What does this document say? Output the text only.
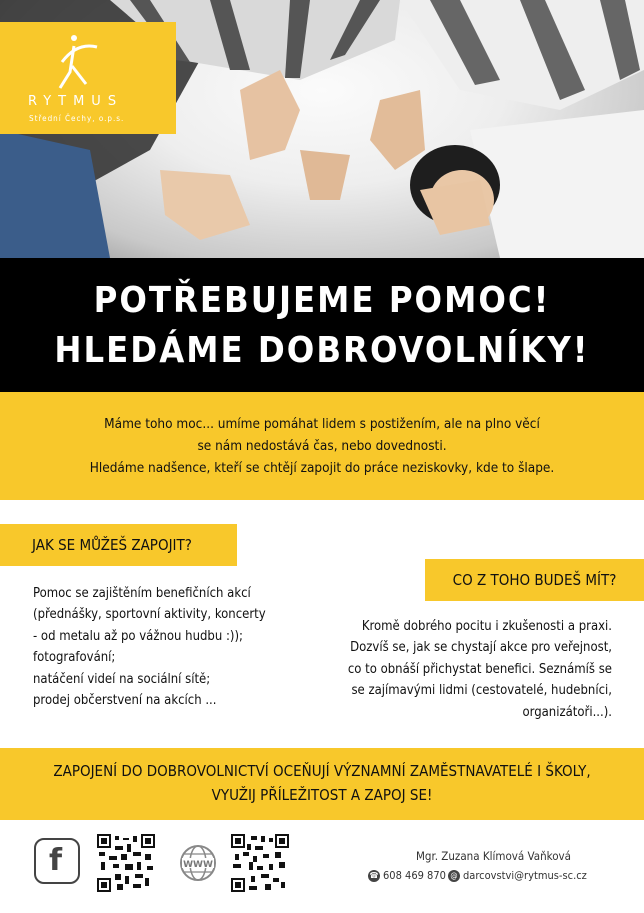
RYTMUS
Střední Čechy, o.p.s.
POTŘEBUJEME POMOC!
HLEDÁME DOBROVOLNÍKY!
Máme toho moc... umíme pomáhat lidem s postižením, ale na plno věcí
se nám nedostává čas, nebo dovednosti.
Hledáme nadšence, kteří se chtějí zapojit do práce neziskovky, kde to šlape.
JAK SE MŮŽEŠ ZAPOJIT?
Pomoc se zajištěním benefičních akcí
(přednášky, sportovní aktivity, koncerty
- od metalu až po vážnou hudbu :));
fotografování;
natáčení videí na sociální sítě;
prodej občerstvení na akcích ...
CO Z TOHO BUDEŠ MÍT?
Kromě dobrého pocitu i zkušenosti a praxi.
Dozvíš se, jak se chystají akce pro veřejnost,
co to obnáší přichystat benefici. Seznámíš se
se zajímavými lidmi (cestovatelé, hudebníci,
organizátoři...).
ZAPOJENÍ DO DOBROVOLNICTVÍ OCEŇUJÍ VÝZNAMNÍ ZAMĚSTNAVATELÉ I ŠKOLY,
VYUŽIJ PŘÍLEŽITOST A ZAPOJ SE!
f	WWW
Mgr. Zuzana Klímová Vaňková
☎ 608 469 870 @ darcovstvi@rytmus-sc.cz
